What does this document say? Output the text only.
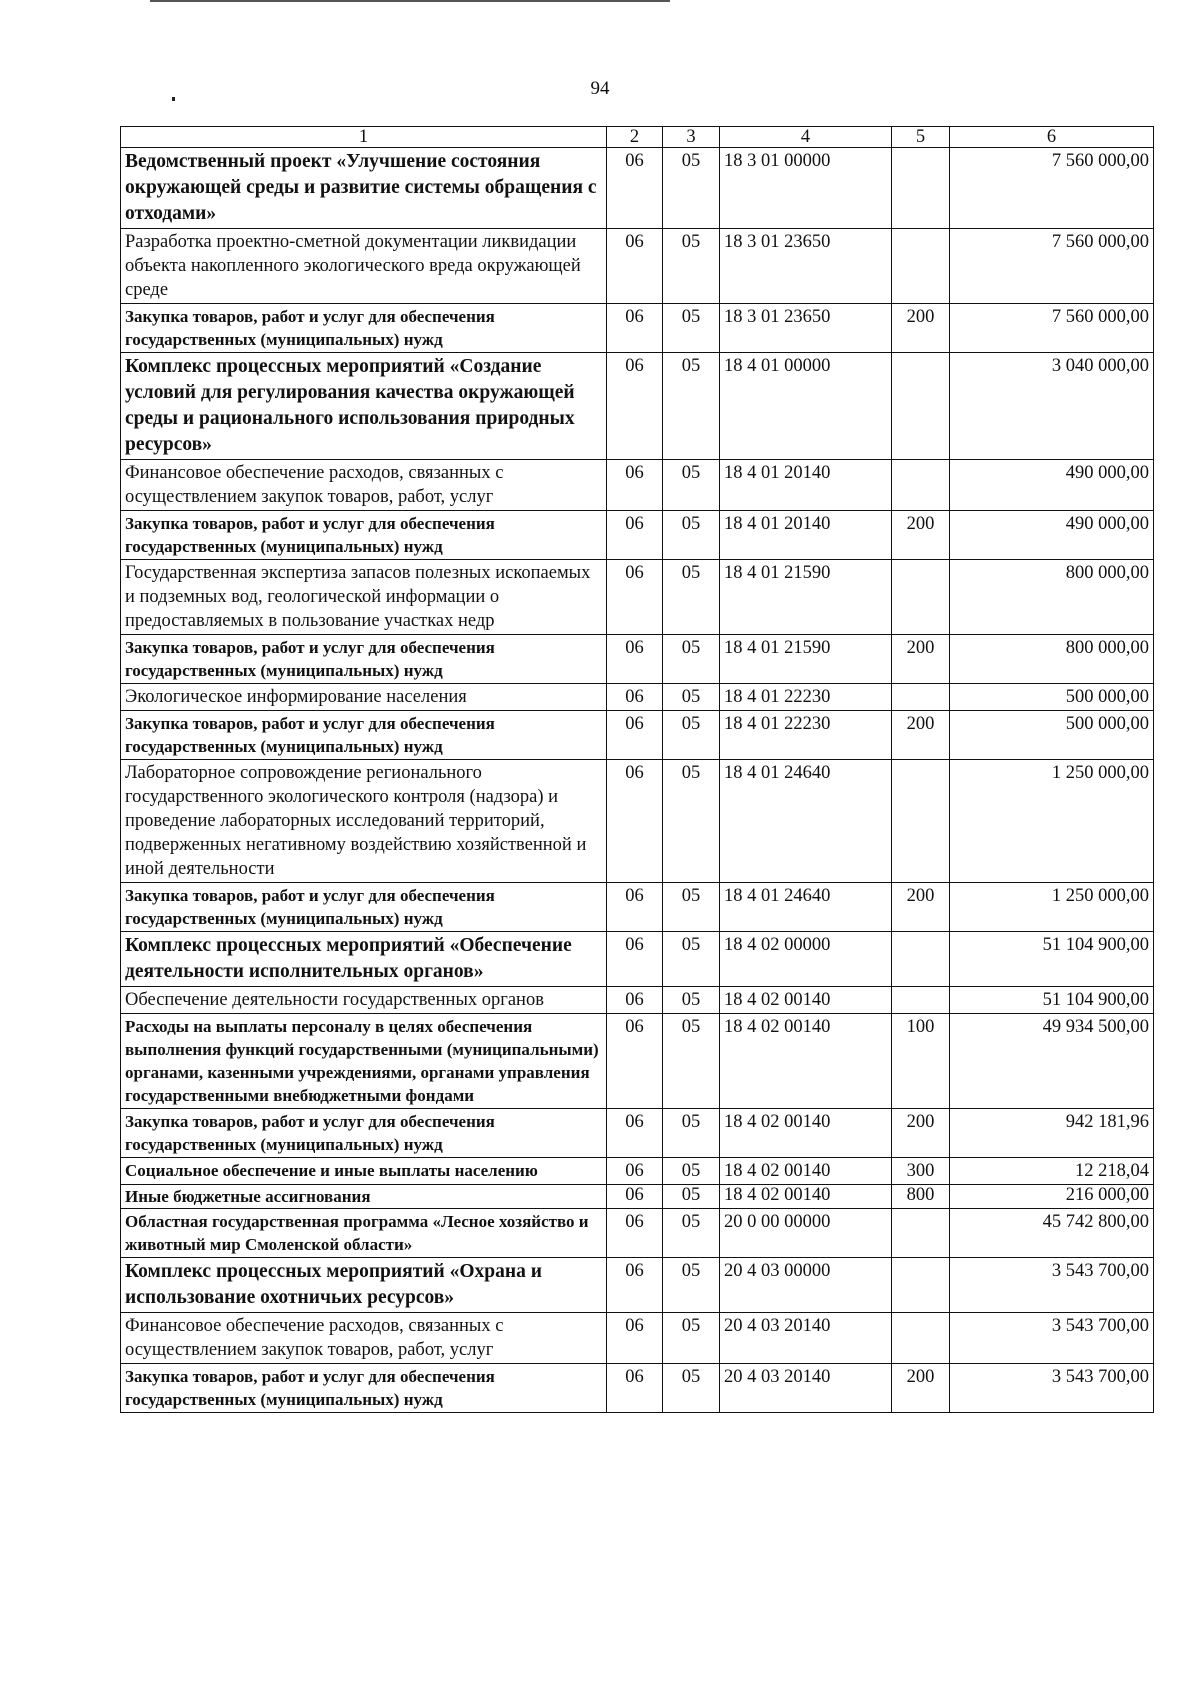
94
1	2	3	4	5	6
Ведомственный проект «Улучшение состояния окружающей среды и развитие системы обращения с отходами»	06	05	18 3 01 00000		7 560 000,00
Разработка проектно-сметной документации ликвидации объекта накопленного экологического вреда окружающей среде	06	05	18 3 01 23650		7 560 000,00
Закупка товаров, работ и услуг для обеспечения государственных (муниципальных) нужд	06	05	18 3 01 23650	200	7 560 000,00
Комплекс процессных мероприятий «Создание условий для регулирования качества окружающей среды и рационального использования природных ресурсов»	06	05	18 4 01 00000		3 040 000,00
Финансовое обеспечение расходов, связанных с осуществлением закупок товаров, работ, услуг	06	05	18 4 01 20140		490 000,00
Закупка товаров, работ и услуг для обеспечения государственных (муниципальных) нужд	06	05	18 4 01 20140	200	490 000,00
Государственная экспертиза запасов полезных ископаемых и подземных вод, геологической информации о предоставляемых в пользование участках недр	06	05	18 4 01 21590		800 000,00
Закупка товаров, работ и услуг для обеспечения государственных (муниципальных) нужд	06	05	18 4 01 21590	200	800 000,00
Экологическое информирование населения	06	05	18 4 01 22230		500 000,00
Закупка товаров, работ и услуг для обеспечения государственных (муниципальных) нужд	06	05	18 4 01 22230	200	500 000,00
Лабораторное сопровождение регионального государственного экологического контроля (надзора) и проведение лабораторных исследований территорий, подверженных негативному воздействию хозяйственной и иной деятельности	06	05	18 4 01 24640		1 250 000,00
Закупка товаров, работ и услуг для обеспечения государственных (муниципальных) нужд	06	05	18 4 01 24640	200	1 250 000,00
Комплекс процессных мероприятий «Обеспечение деятельности исполнительных органов»	06	05	18 4 02 00000		51 104 900,00
Обеспечение деятельности государственных органов	06	05	18 4 02 00140		51 104 900,00
Расходы на выплаты персоналу в целях обеспечения выполнения функций государственными (муниципальными) органами, казенными учреждениями, органами управления государственными внебюджетными фондами	06	05	18 4 02 00140	100	49 934 500,00
Закупка товаров, работ и услуг для обеспечения государственных (муниципальных) нужд	06	05	18 4 02 00140	200	942 181,96
Социальное обеспечение и иные выплаты населению	06	05	18 4 02 00140	300	12 218,04
Иные бюджетные ассигнования	06	05	18 4 02 00140	800	216 000,00
Областная государственная программа «Лесное хозяйство и животный мир Смоленской области»	06	05	20 0 00 00000		45 742 800,00
Комплекс процессных мероприятий «Охрана и использование охотничьих ресурсов»	06	05	20 4 03 00000		3 543 700,00
Финансовое обеспечение расходов, связанных с осуществлением закупок товаров, работ, услуг	06	05	20 4 03 20140		3 543 700,00
Закупка товаров, работ и услуг для обеспечения государственных (муниципальных) нужд	06	05	20 4 03 20140	200	3 543 700,00
